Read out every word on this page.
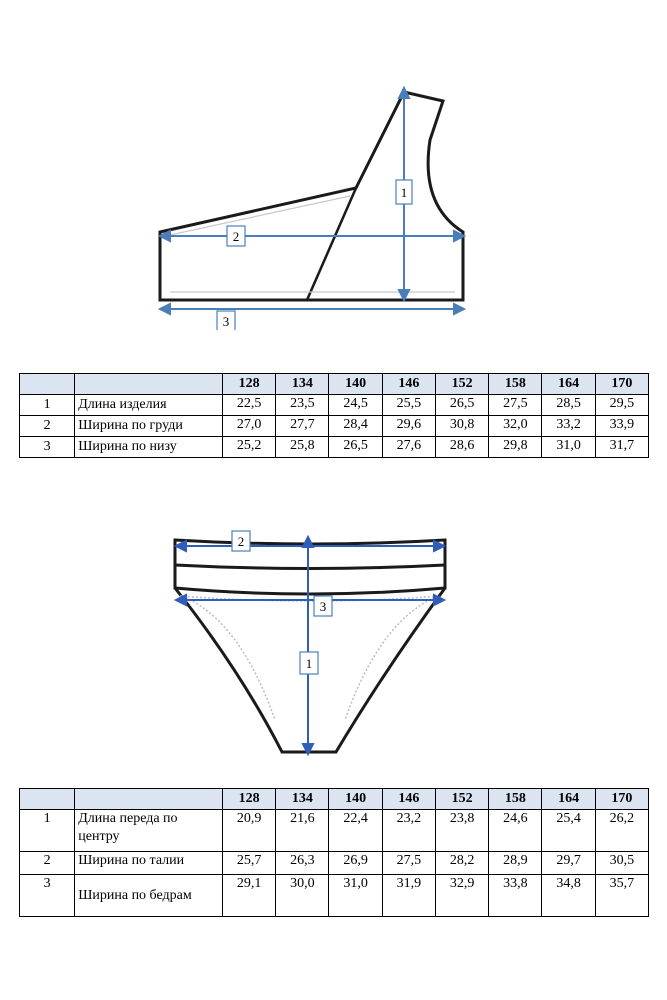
1
2
3
		128	134	140	146	152	158	164	170
1	Длина изделия	22,5	23,5	24,5	25,5	26,5	27,5	28,5	29,5
2	Ширина по груди	27,0	27,7	28,4	29,6	30,8	32,0	33,2	33,9
3	Ширина по низу	25,2	25,8	26,5	27,6	28,6	29,8	31,0	31,7
2
3
1
		128	134	140	146	152	158	164	170
1	Длина переда по центру	20,9	21,6	22,4	23,2	23,8	24,6	25,4	26,2
2	Ширина по талии	25,7	26,3	26,9	27,5	28,2	28,9	29,7	30,5
3	Ширина по бедрам	29,1	30,0	31,0	31,9	32,9	33,8	34,8	35,7
